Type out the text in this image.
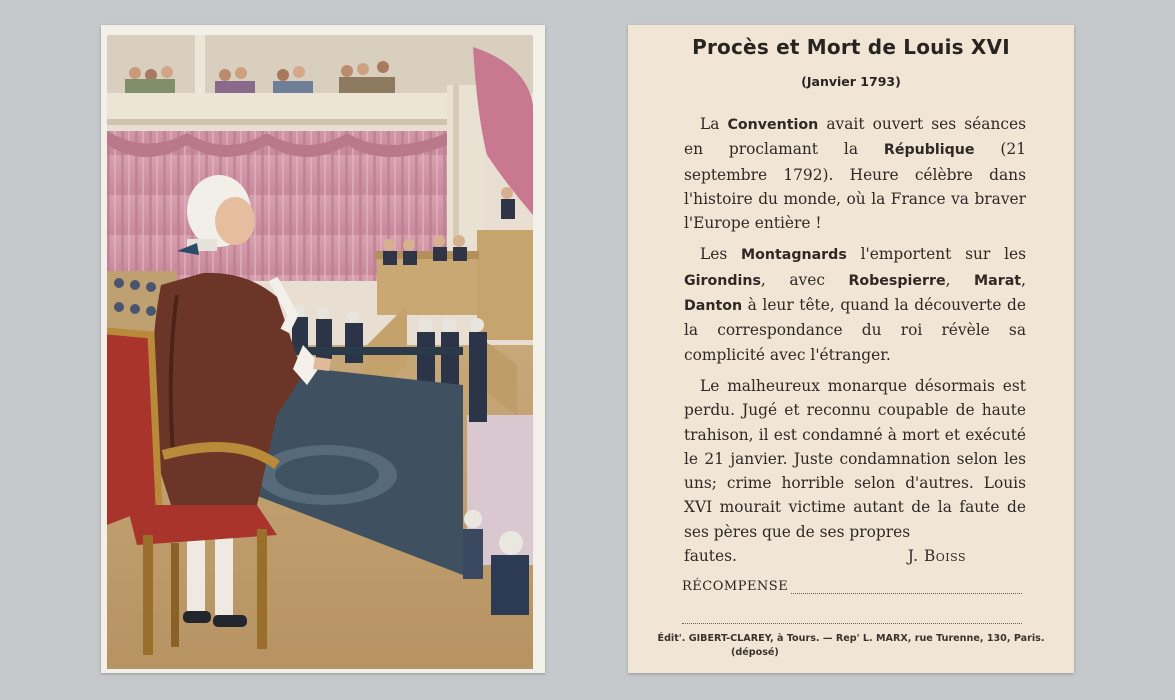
Procès et Mort de Louis XVI
(Janvier 1793)

La Convention avait ouvert ses séances en proclamant la République (21 septembre 1792). Heure célèbre dans l'histoire du monde, où la France va braver l'Europe entière !

Les Montagnards l'emportent sur les Girondins, avec Robespierre, Marat, Danton à leur tête, quand la découverte de la correspondance du roi révèle sa complicité avec l'étranger.

Le malheureux monarque désormais est perdu. Jugé et reconnu coupable de haute trahison, il est condamné à mort et exécuté le 21 janvier. Juste condamnation selon les uns; crime horrible selon d'autres. Louis XVI mourait victime autant de la faute de ses pères que de ses propres

fautes.	J. Boiss
RÉCOMPENSE
Édit'. GIBERT-CLAREY, à Tours. — Rep' L. MARX, rue Turenne, 130, Paris.
(déposé)
